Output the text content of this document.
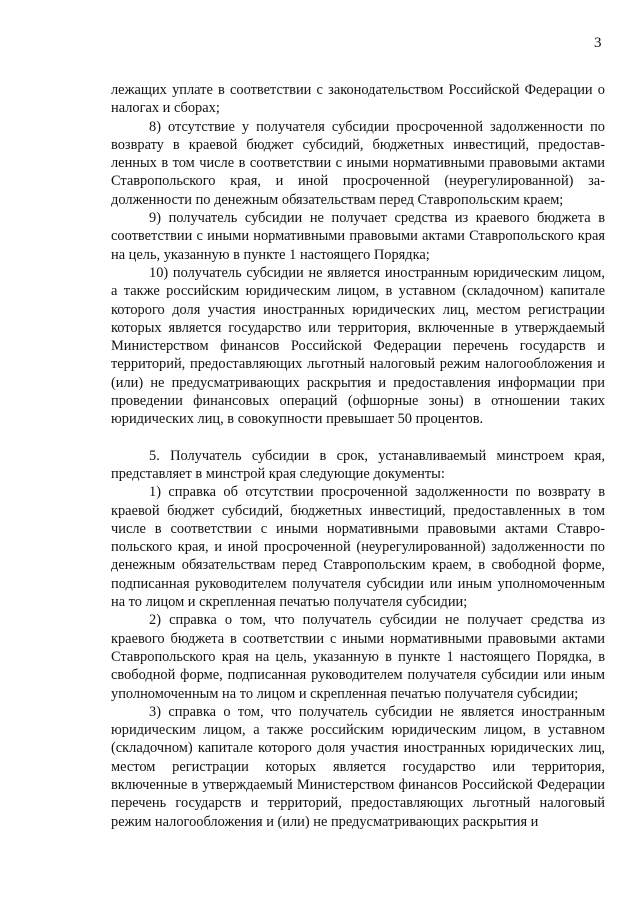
3

лежащих уплате в соответствии с законодательством Российской Федерации о налогах и сборах;

8) отсутствие у получателя субсидии просроченной задолженности по возврату в краевой бюджет субсидий, бюджетных инвестиций, предоставленных в том числе в соответствии с иными нормативными правовыми актами Ставропольского края, и иной просроченной (неурегулированной) задолженности по денежным обязательствам перед Ставропольским краем;

9) получатель субсидии не получает средства из краевого бюджета в соответствии с иными нормативными правовыми актами Ставропольского края на цель, указанную в пункте 1 настоящего Порядка;

10) получатель субсидии не является иностранным юридическим лицом, а также российским юридическим лицом, в уставном (складочном) капитале которого доля участия иностранных юридических лиц, местом регистрации которых является государство или территория, включенные в утверждаемый Министерством финансов Российской Федерации перечень государств и территорий, предоставляющих льготный налоговый режим налогообложения и (или) не предусматривающих раскрытия и предоставления информации при проведении финансовых операций (офшорные зоны) в отношении таких юридических лиц, в совокупности превышает 50 процентов.

5. Получатель субсидии в срок, устанавливаемый минстроем края, представляет в минстрой края следующие документы:

1) справка об отсутствии просроченной задолженности по возврату в краевой бюджет субсидий, бюджетных инвестиций, предоставленных в том числе в соответствии с иными нормативными правовыми актами Ставропольского края, и иной просроченной (неурегулированной) задолженности по денежным обязательствам перед Ставропольским краем, в свободной форме, подписанная руководителем получателя субсидии или иным уполномоченным на то лицом и скрепленная печатью получателя субсидии;

2) справка о том, что получатель субсидии не получает средства из краевого бюджета в соответствии с иными нормативными правовыми актами Ставропольского края на цель, указанную в пункте 1 настоящего Порядка, в свободной форме, подписанная руководителем получателя субсидии или иным уполномоченным на то лицом и скрепленная печатью получателя субсидии;

3) справка о том, что получатель субсидии не является иностранным юридическим лицом, а также российским юридическим лицом, в уставном (складочном) капитале которого доля участия иностранных юридических лиц, местом регистрации которых является государство или территория, включенные в утверждаемый Министерством финансов Российской Федерации перечень государств и территорий, предоставляющих льготный налоговый режим налогообложения и (или) не предусматривающих раскрытия и
